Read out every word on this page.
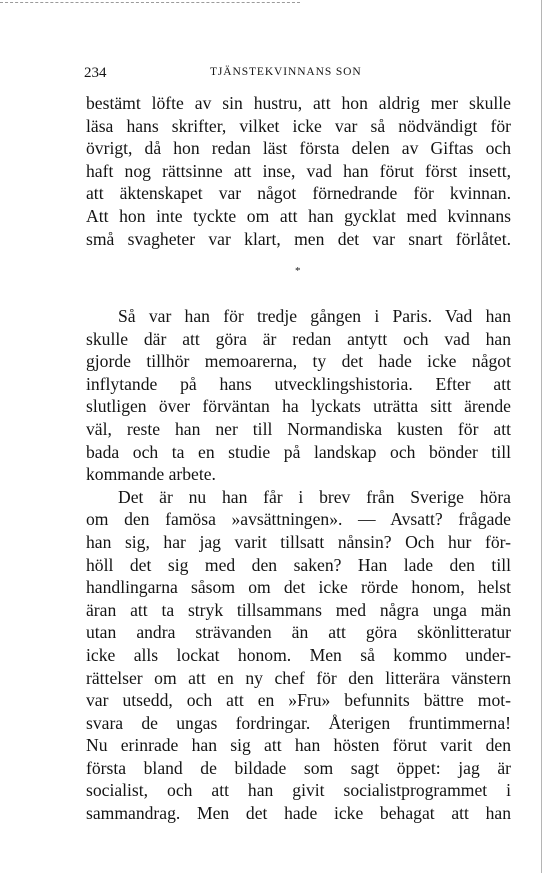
234	TJÄNSTEKVINNANS SON
bestämt löfte av sin hustru, att hon aldrig mer skulle
läsa hans skrifter, vilket icke var så nödvändigt för
övrigt, då hon redan läst första delen av Giftas och
haft nog rättsinne att inse, vad han förut först insett,
att äktenskapet var något förnedrande för kvinnan.
Att hon inte tyckte om att han gycklat med kvinnans
små svagheter var klart, men det var snart förlåtet.
*
Så var han för tredje gången i Paris. Vad han
skulle där att göra är redan antytt och vad han
gjorde tillhör memoarerna, ty det hade icke något
inflytande på hans utvecklingshistoria. Efter att
slutligen över förväntan ha lyckats uträtta sitt ärende
väl, reste han ner till Normandiska kusten för att
bada och ta en studie på landskap och bönder till
kommande arbete.
Det är nu han får i brev från Sverige höra
om den famösa »avsättningen». — Avsatt? frågade
han sig, har jag varit tillsatt nånsin? Och hur för-
höll det sig med den saken? Han lade den till
handlingarna såsom om det icke rörde honom, helst
äran att ta stryk tillsammans med några unga män
utan andra strävanden än att göra skönlitteratur
icke alls lockat honom. Men så kommo under-
rättelser om att en ny chef för den litterära vänstern
var utsedd, och att en »Fru» befunnits bättre mot-
svara de ungas fordringar. Återigen fruntimmerna!
Nu erinrade han sig att han hösten förut varit den
första bland de bildade som sagt öppet: jag är
socialist, och att han givit socialistprogrammet i
sammandrag. Men det hade icke behagat att han
